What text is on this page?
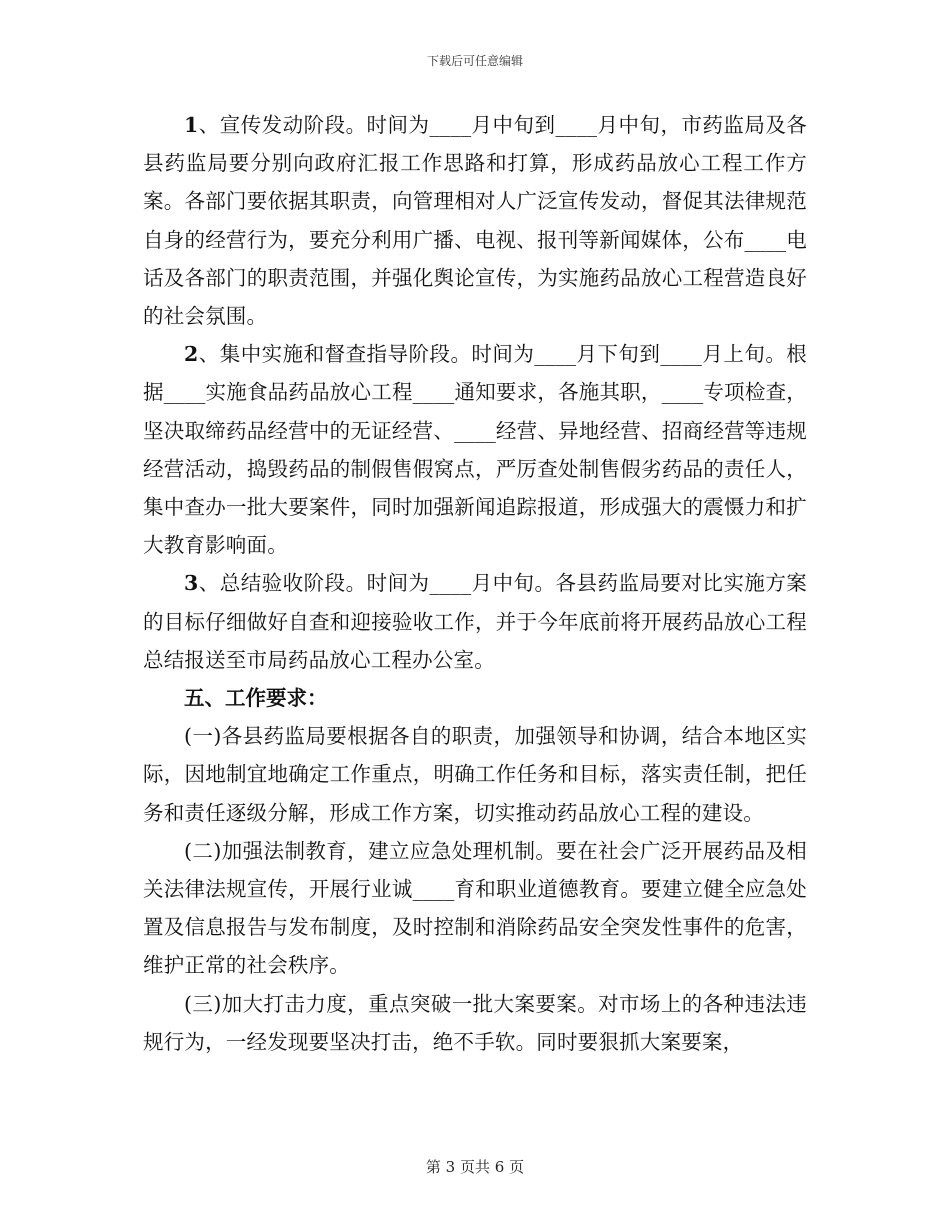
下载后可任意编辑

1、宣传发动阶段。时间为____月中旬到____月中旬，市药监局及各县药监局要分别向政府汇报工作思路和打算，形成药品放心工程工作方案。各部门要依据其职责，向管理相对人广泛宣传发动，督促其法律规范自身的经营行为，要充分利用广播、电视、报刊等新闻媒体，公布____电话及各部门的职责范围，并强化舆论宣传，为实施药品放心工程营造良好的社会氛围。

2、集中实施和督查指导阶段。时间为____月下旬到____月上旬。根据____实施食品药品放心工程____通知要求，各施其职，____专项检查，坚决取缔药品经营中的无证经营、____经营、异地经营、招商经营等违规经营活动，捣毁药品的制假售假窝点，严厉查处制售假劣药品的责任人，集中查办一批大要案件，同时加强新闻追踪报道，形成强大的震慑力和扩大教育影响面。

3、总结验收阶段。时间为____月中旬。各县药监局要对比实施方案的目标仔细做好自查和迎接验收工作，并于今年底前将开展药品放心工程总结报送至市局药品放心工程办公室。

五、工作要求：

(一)各县药监局要根据各自的职责，加强领导和协调，结合本地区实际，因地制宜地确定工作重点，明确工作任务和目标，落实责任制，把任务和责任逐级分解，形成工作方案，切实推动药品放心工程的建设。

(二)加强法制教育，建立应急处理机制。要在社会广泛开展药品及相关法律法规宣传，开展行业诚____育和职业道德教育。要建立健全应急处置及信息报告与发布制度，及时控制和消除药品安全突发性事件的危害，维护正常的社会秩序。

(三)加大打击力度，重点突破一批大案要案。对市场上的各种违法违规行为，一经发现要坚决打击，绝不手软。同时要狠抓大案要案，

第 3 页共 6 页
